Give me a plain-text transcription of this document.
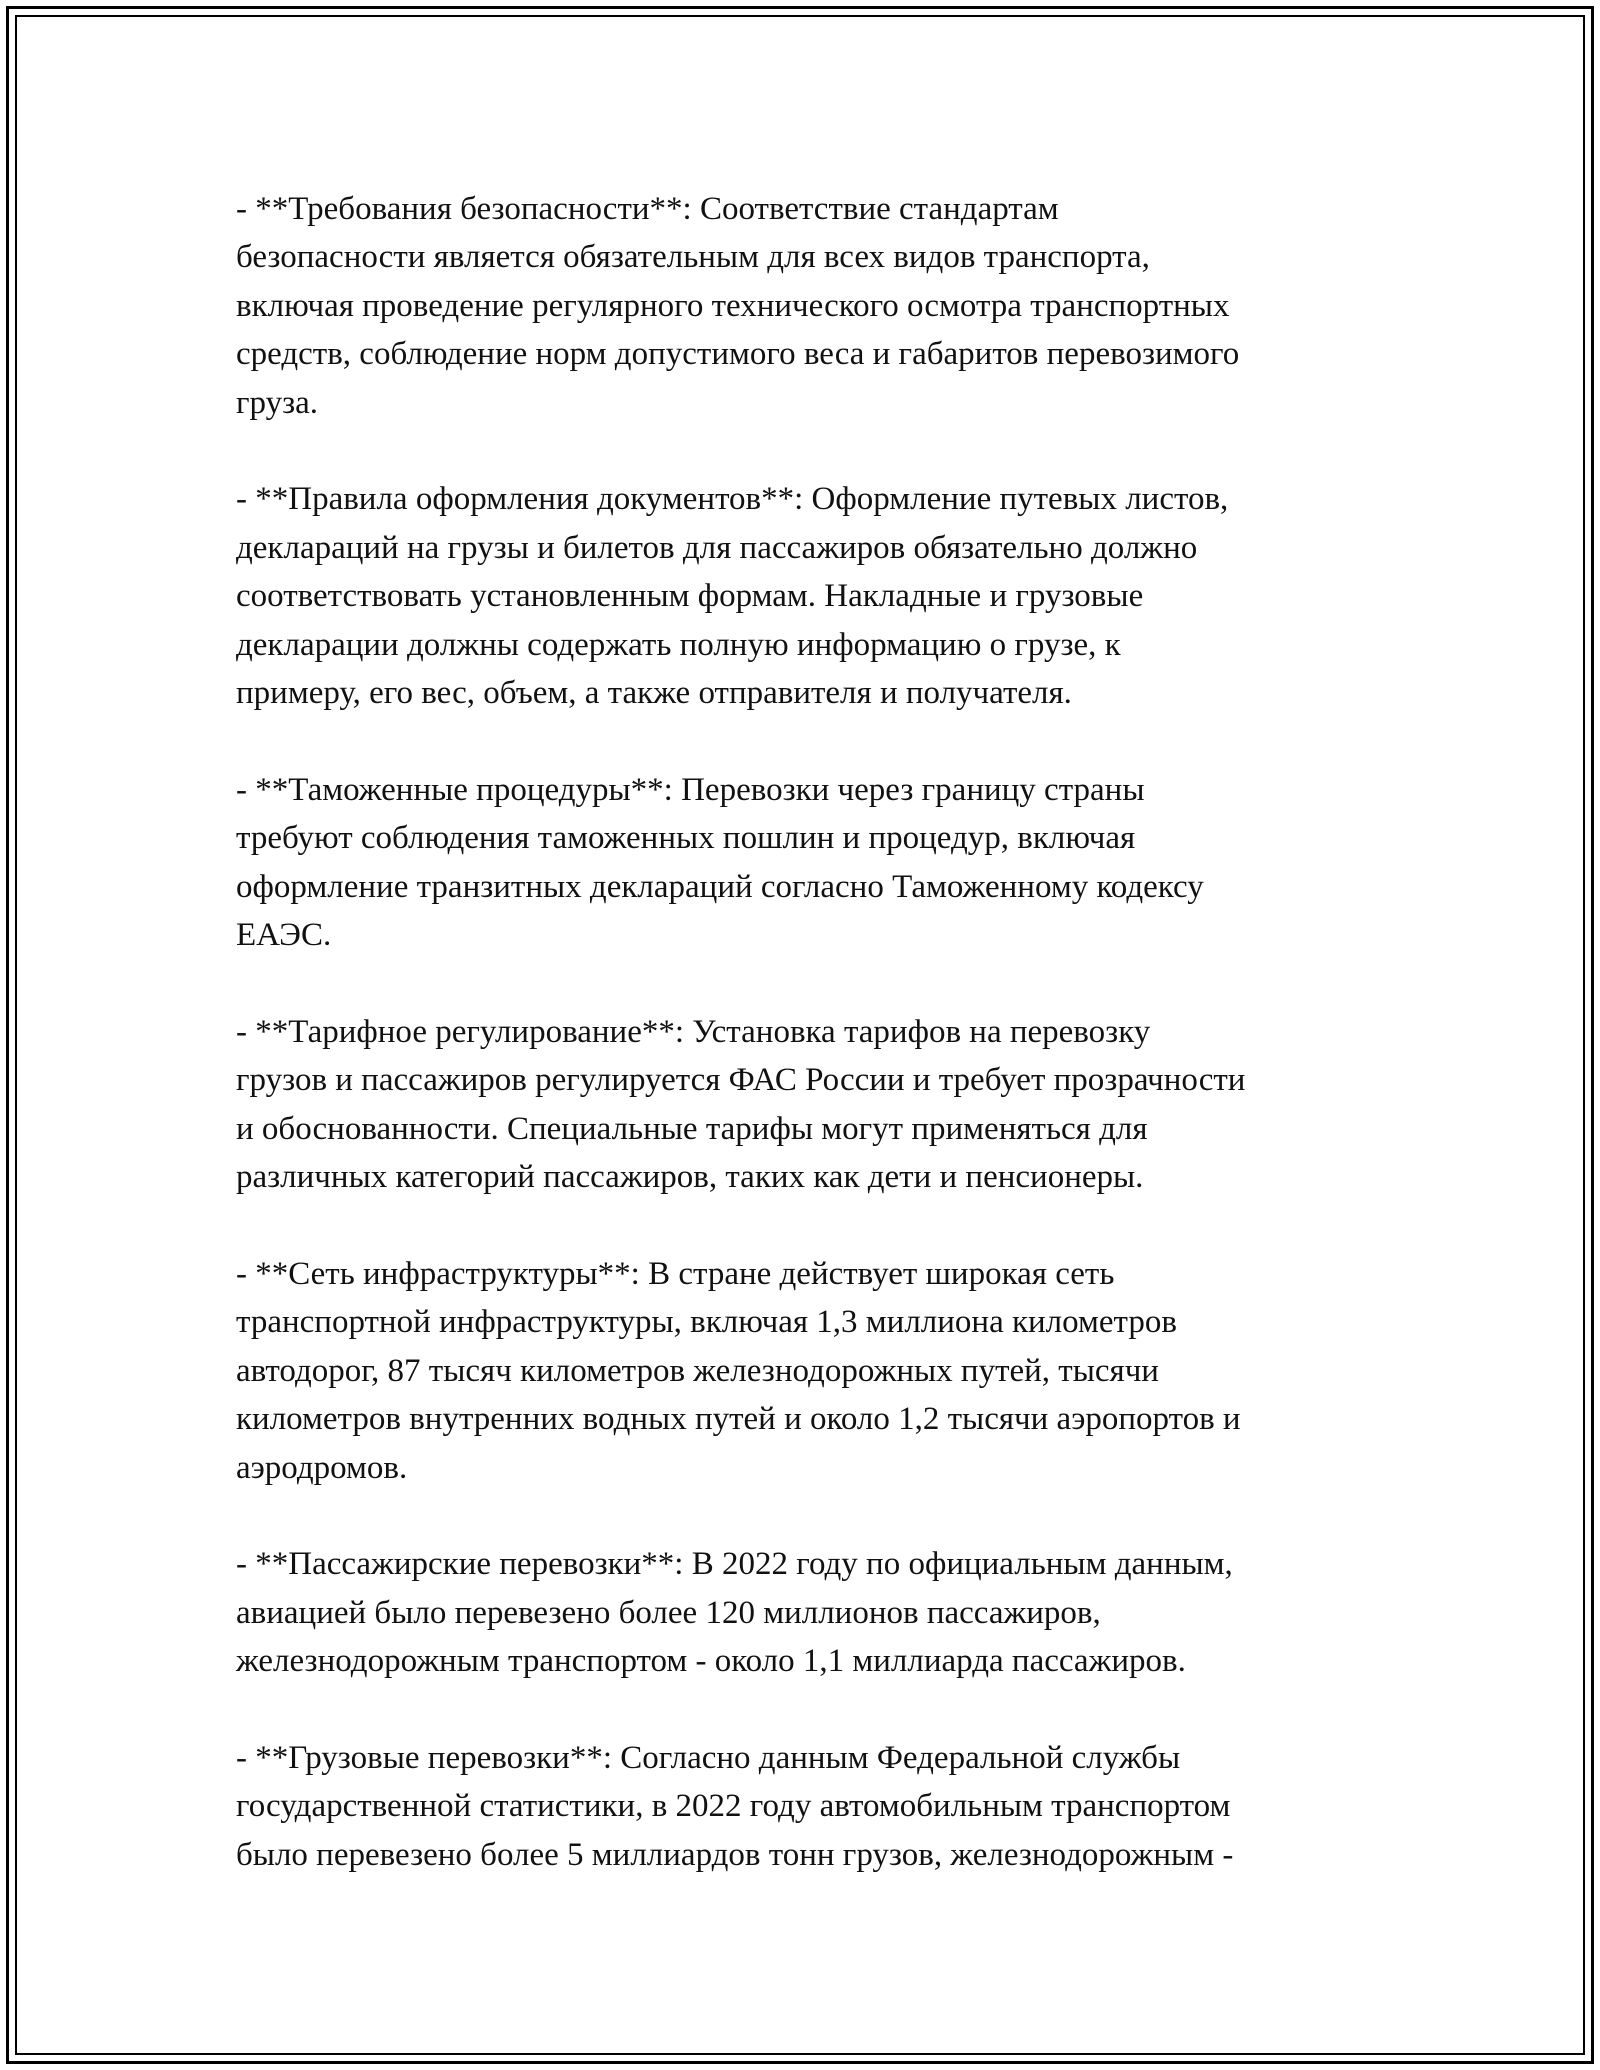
- **Требования безопасности**: Соответствие стандартам
безопасности является обязательным для всех видов транспорта,
включая проведение регулярного технического осмотра транспортных
средств, соблюдение норм допустимого веса и габаритов перевозимого
груза.

- **Правила оформления документов**: Оформление путевых листов,
деклараций на грузы и билетов для пассажиров обязательно должно
соответствовать установленным формам. Накладные и грузовые
декларации должны содержать полную информацию о грузе, к
примеру, его вес, объем, а также отправителя и получателя.

- **Таможенные процедуры**: Перевозки через границу страны
требуют соблюдения таможенных пошлин и процедур, включая
оформление транзитных деклараций согласно Таможенному кодексу
ЕАЭС.

- **Тарифное регулирование**: Установка тарифов на перевозку
грузов и пассажиров регулируется ФАС России и требует прозрачности
и обоснованности. Специальные тарифы могут применяться для
различных категорий пассажиров, таких как дети и пенсионеры.

- **Сеть инфраструктуры**: В стране действует широкая сеть
транспортной инфраструктуры, включая 1,3 миллиона километров
автодорог, 87 тысяч километров железнодорожных путей, тысячи
километров внутренних водных путей и около 1,2 тысячи аэропортов и
аэродромов.

- **Пассажирские перевозки**: В 2022 году по официальным данным,
авиацией было перевезено более 120 миллионов пассажиров,
железнодорожным транспортом - около 1,1 миллиарда пассажиров.

- **Грузовые перевозки**: Согласно данным Федеральной службы
государственной статистики, в 2022 году автомобильным транспортом
было перевезено более 5 миллиардов тонн грузов, железнодорожным -
